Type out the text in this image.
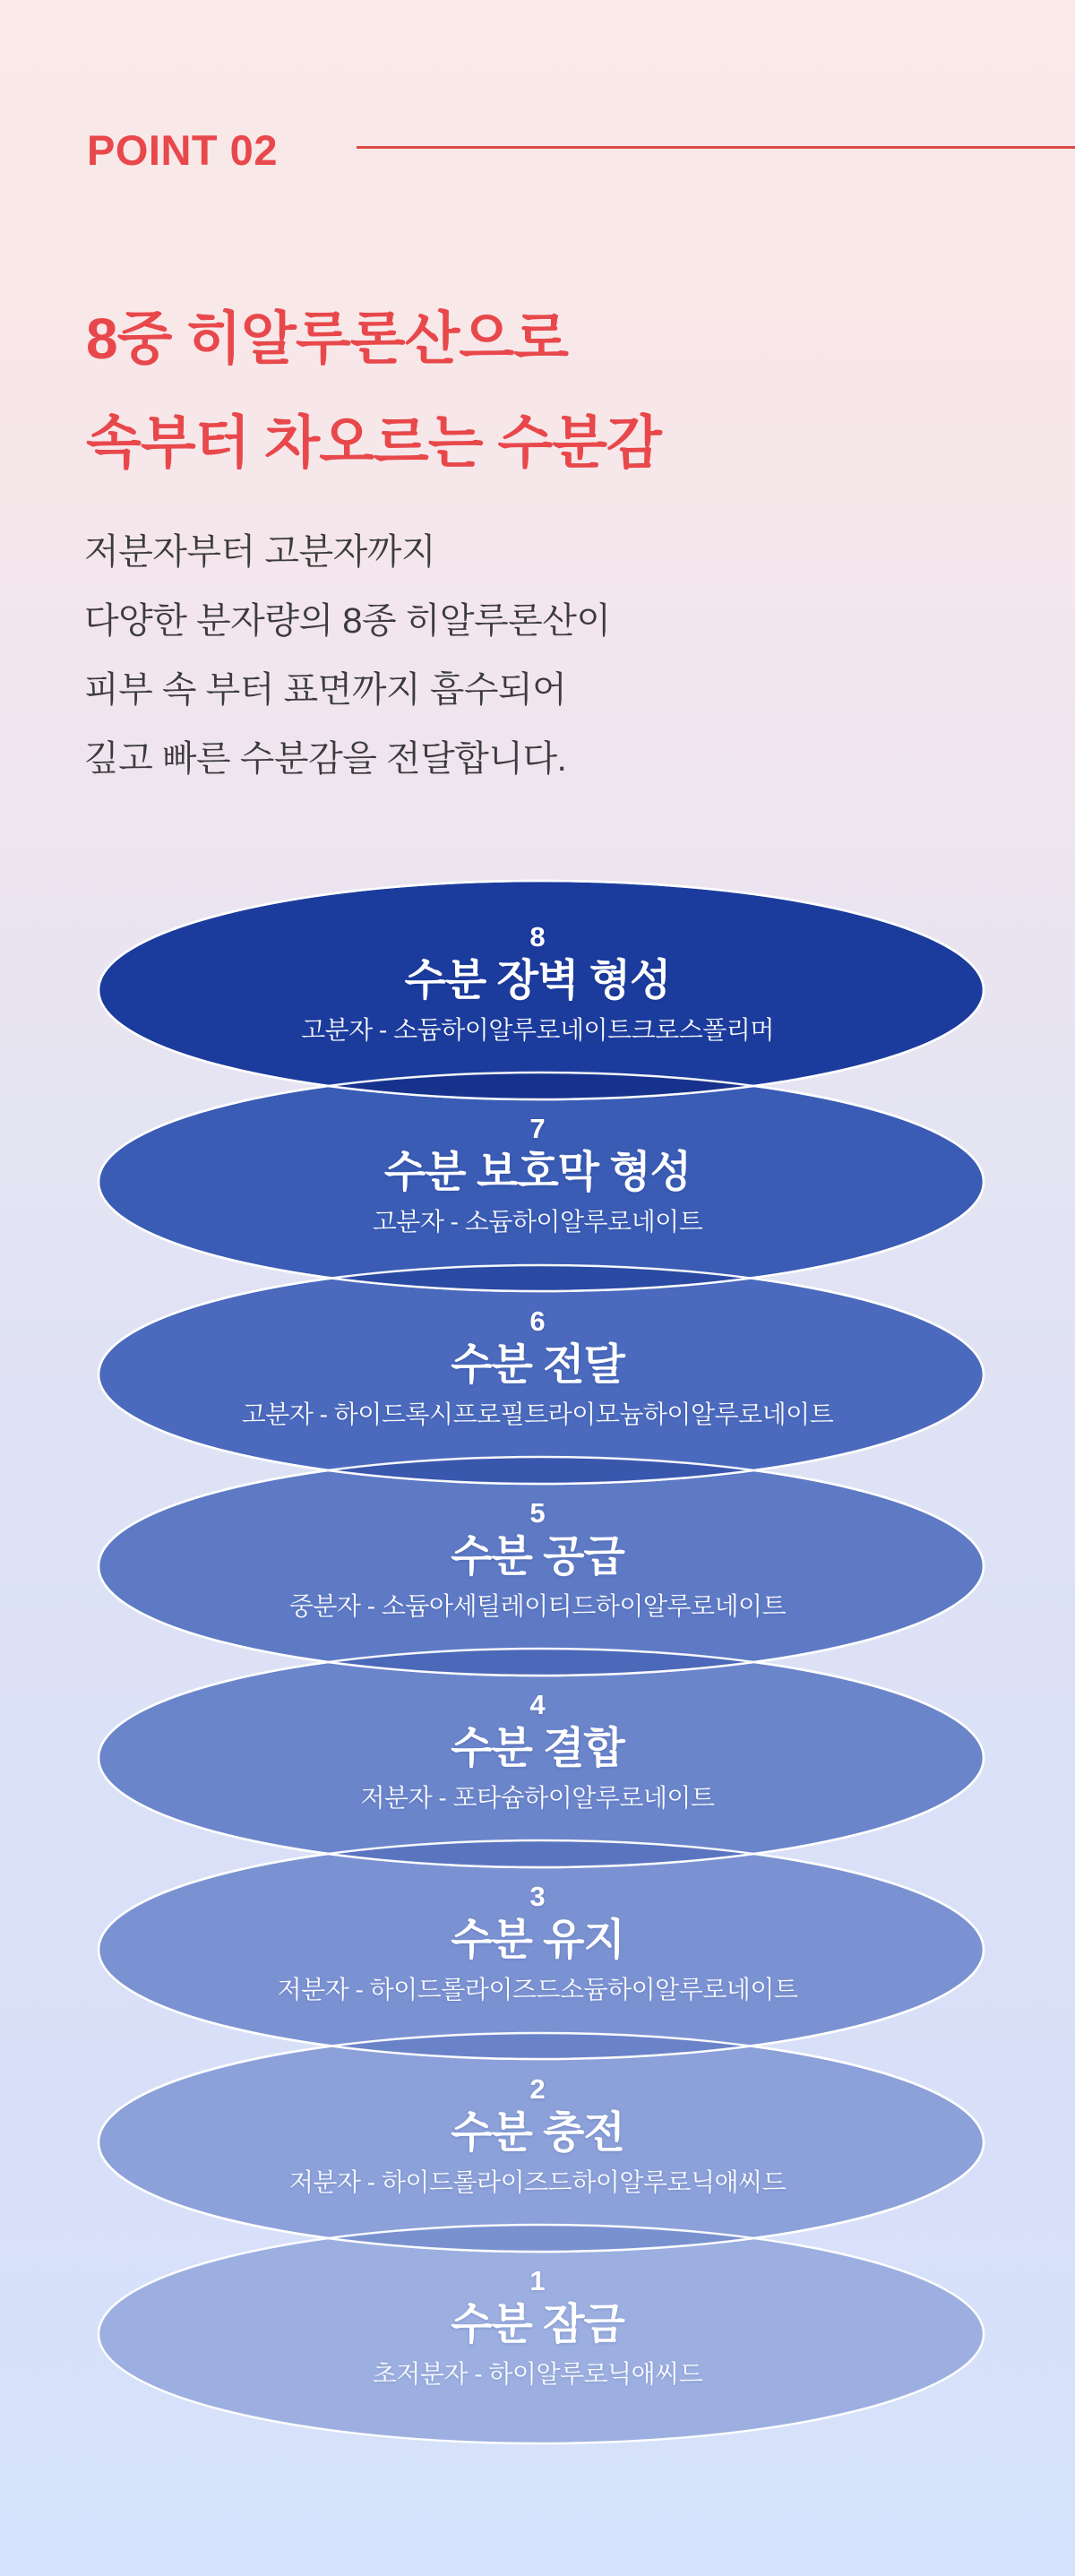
POINT 02
8중 히알루론산으로
속부터 차오르는 수분감
저분자부터 고분자까지
다양한 분자량의 8종 히알루론산이
피부 속 부터 표면까지 흡수되어
깊고 빠른 수분감을 전달합니다.
8
수분 장벽 형성
고분자 - 소듐하이알루로네이트크로스폴리머
7
수분 보호막 형성
고분자 - 소듐하이알루로네이트
6
수분 전달
고분자 - 하이드록시프로필트라이모늄하이알루로네이트
5
수분 공급
중분자 - 소듐아세틸레이티드하이알루로네이트
4
수분 결합
저분자 - 포타슘하이알루로네이트
3
수분 유지
저분자 - 하이드롤라이즈드소듐하이알루로네이트
2
수분 충전
저분자 - 하이드롤라이즈드하이알루로닉애씨드
1
수분 잠금
초저분자 - 하이알루로닉애씨드
